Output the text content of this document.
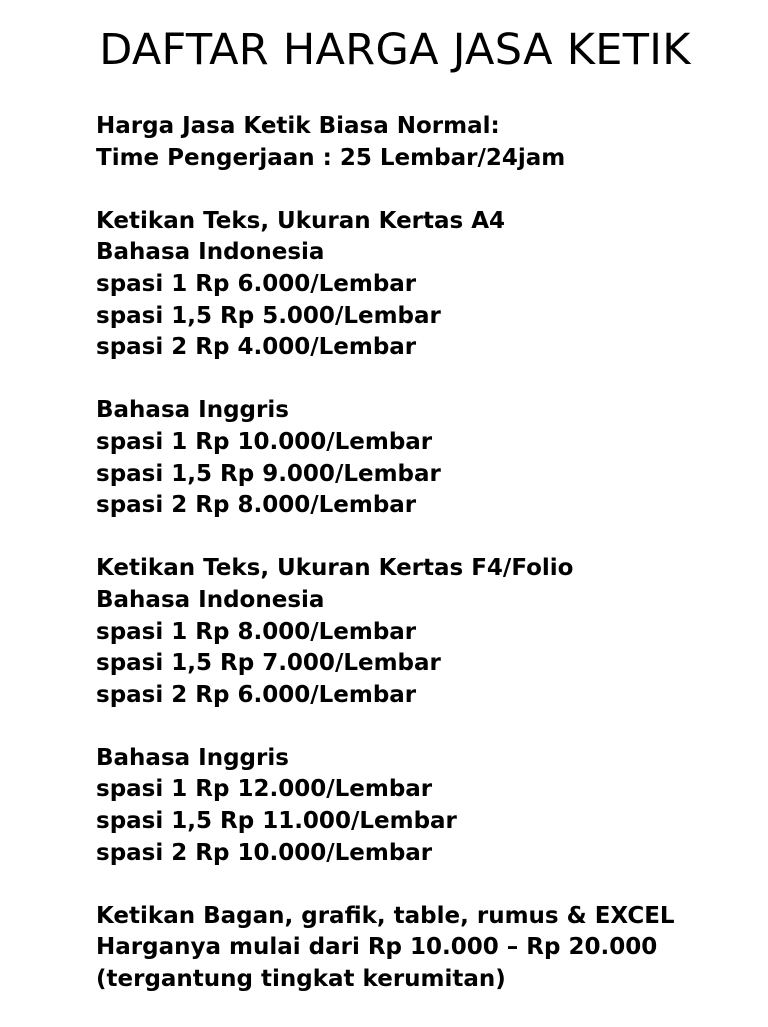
DAFTAR HARGA JASA KETIK
Harga Jasa Ketik Biasa Normal:
Time Pengerjaan : 25 Lembar/24jam
Ketikan Teks, Ukuran Kertas A4
Bahasa Indonesia
spasi 1 Rp 6.000/Lembar
spasi 1,5 Rp 5.000/Lembar
spasi 2 Rp 4.000/Lembar
Bahasa Inggris
spasi 1 Rp 10.000/Lembar
spasi 1,5 Rp 9.000/Lembar
spasi 2 Rp 8.000/Lembar
Ketikan Teks, Ukuran Kertas F4/Folio
Bahasa Indonesia
spasi 1 Rp 8.000/Lembar
spasi 1,5 Rp 7.000/Lembar
spasi 2 Rp 6.000/Lembar
Bahasa Inggris
spasi 1 Rp 12.000/Lembar
spasi 1,5 Rp 11.000/Lembar
spasi 2 Rp 10.000/Lembar
Ketikan Bagan, grafik, table, rumus & EXCEL
Harganya mulai dari Rp 10.000 – Rp 20.000
(tergantung tingkat kerumitan)
